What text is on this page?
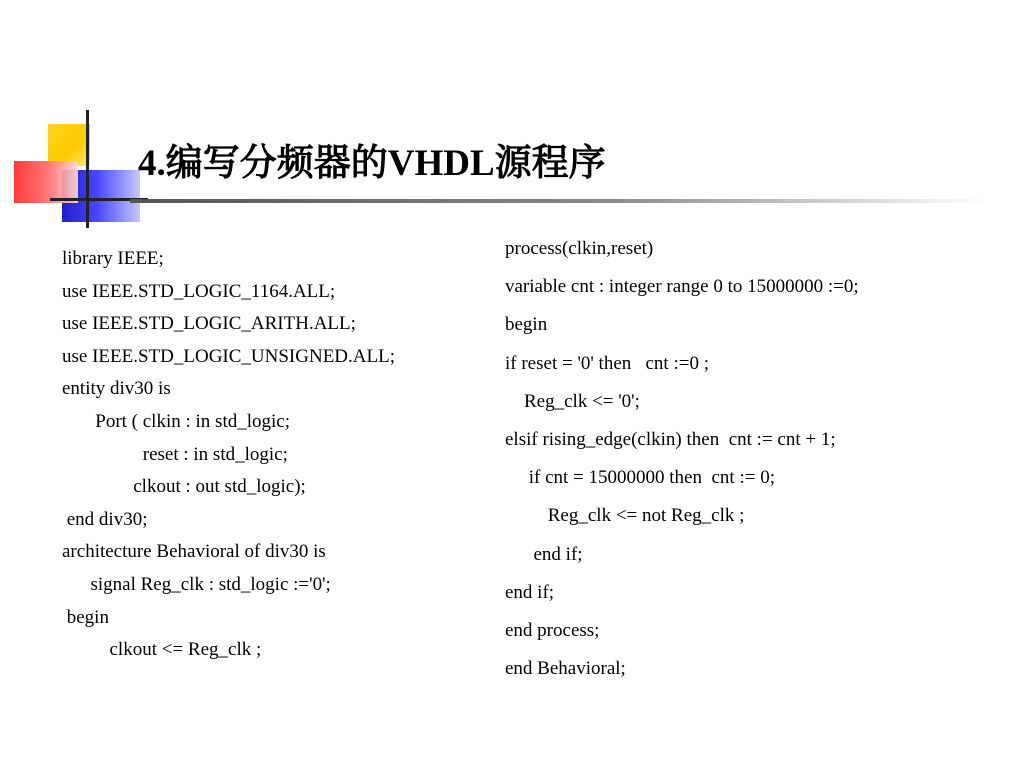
4.编写分频器的VHDL源程序
library IEEE;
use IEEE.STD_LOGIC_1164.ALL;
use IEEE.STD_LOGIC_ARITH.ALL;
use IEEE.STD_LOGIC_UNSIGNED.ALL;
entity div30 is
Port ( clkin : in std_logic;
reset : in std_logic;
clkout : out std_logic);
end div30;
architecture Behavioral of div30 is
signal Reg_clk : std_logic :='0';
begin
clkout <= Reg_clk ;
process(clkin,reset)
variable cnt : integer range 0 to 15000000 :=0;
begin
if reset = '0' then   cnt :=0 ;
Reg_clk <= '0';
elsif rising_edge(clkin) then  cnt := cnt + 1;
if cnt = 15000000 then  cnt := 0;
Reg_clk <= not Reg_clk ;
end if;
end if;
end process;
end Behavioral;
